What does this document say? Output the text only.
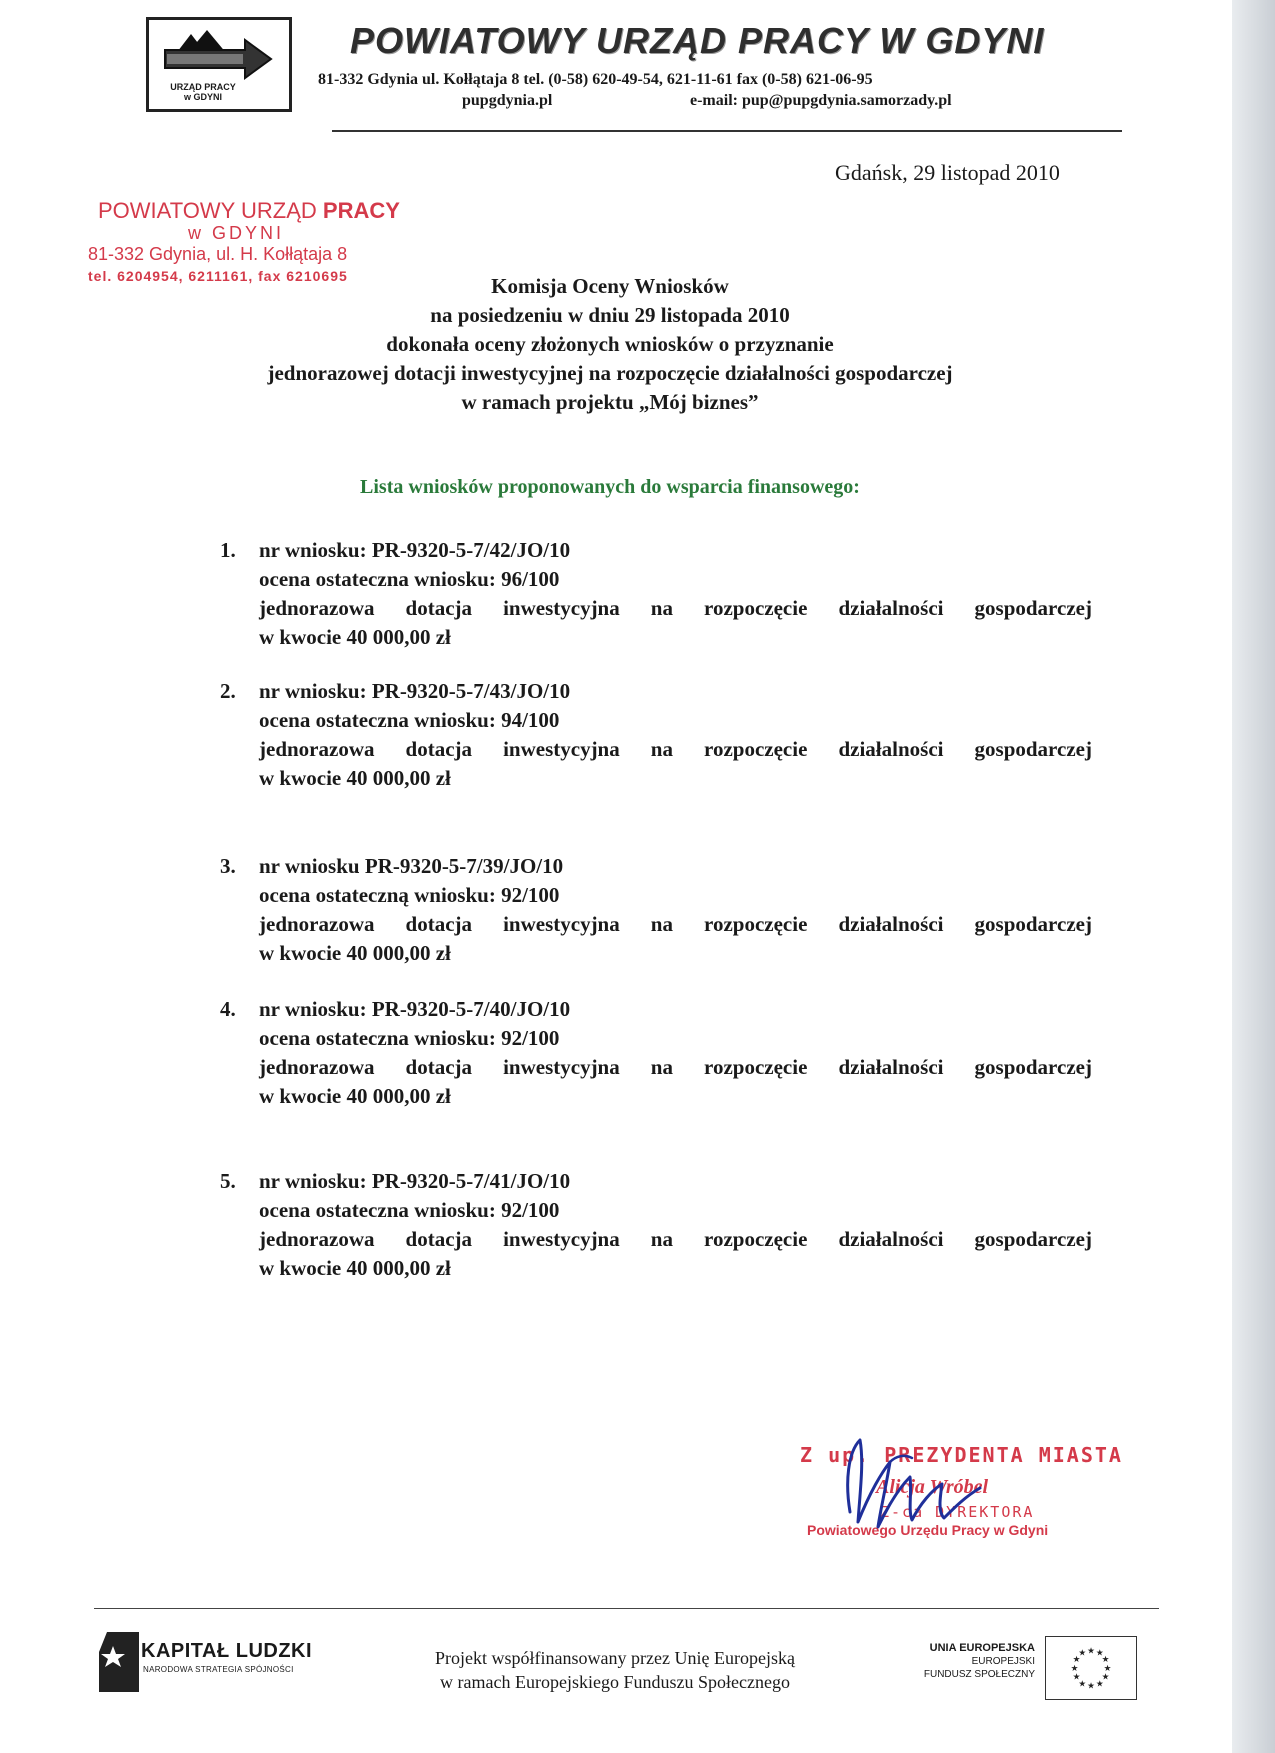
URZĄD PRACY
w GDYNI
POWIATOWY URZĄD PRACY W GDYNI
81-332 Gdynia ul. Kołłątaja 8 tel. (0-58) 620-49-54, 621-11-61 fax (0-58) 621-06-95
pupgdynia.pl	e-mail: pup@pupgdynia.samorzady.pl
Gdańsk, 29 listopad 2010
POWIATOWY URZĄD PRACY
w GDYNI
81-332 Gdynia, ul. H. Kołłątaja 8
tel. 6204954, 6211161, fax 6210695	Komisja Oceny Wniosków
na posiedzeniu w dniu 29 listopada 2010
dokonała oceny złożonych wniosków o przyznanie
jednorazowej dotacji inwestycyjnej na rozpoczęcie działalności gospodarczej
w ramach projektu „Mój biznes”
Lista wniosków proponowanych do wsparcia finansowego:
1. nr wniosku: PR-9320-5-7/42/JO/10
ocena ostateczna wniosku: 96/100
jednorazowa dotacja inwestycyjna na rozpoczęcie działalności gospodarczej
w kwocie 40 000,00 zł
2. nr wniosku: PR-9320-5-7/43/JO/10
ocena ostateczna wniosku: 94/100
jednorazowa dotacja inwestycyjna na rozpoczęcie działalności gospodarczej
w kwocie 40 000,00 zł
3. nr wniosku PR-9320-5-7/39/JO/10
ocena ostateczną wniosku: 92/100
jednorazowa dotacja inwestycyjna na rozpoczęcie działalności gospodarczej
w kwocie 40 000,00 zł
4. nr wniosku: PR-9320-5-7/40/JO/10
ocena ostateczna wniosku: 92/100
jednorazowa dotacja inwestycyjna na rozpoczęcie działalności gospodarczej
w kwocie 40 000,00 zł
5. nr wniosku: PR-9320-5-7/41/JO/10
ocena ostateczna wniosku: 92/100
jednorazowa dotacja inwestycyjna na rozpoczęcie działalności gospodarczej
w kwocie 40 000,00 zł
Z up. PREZYDENTA MIASTA
Alicja Wróbel
Z-ca DYREKTORA
Powiatowego Urzędu Pracy w Gdyni
KAPITAŁ LUDZKI
NARODOWA STRATEGIA SPÓJNOŚCI
Projekt współfinansowany przez Unię Europejską
w ramach Europejskiego Funduszu Społecznego
UNIA EUROPEJSKA
EUROPEJSKI
FUNDUSZ SPOŁECZNY
★ ★
★
★
★
★
★
★
★
★
★
★
